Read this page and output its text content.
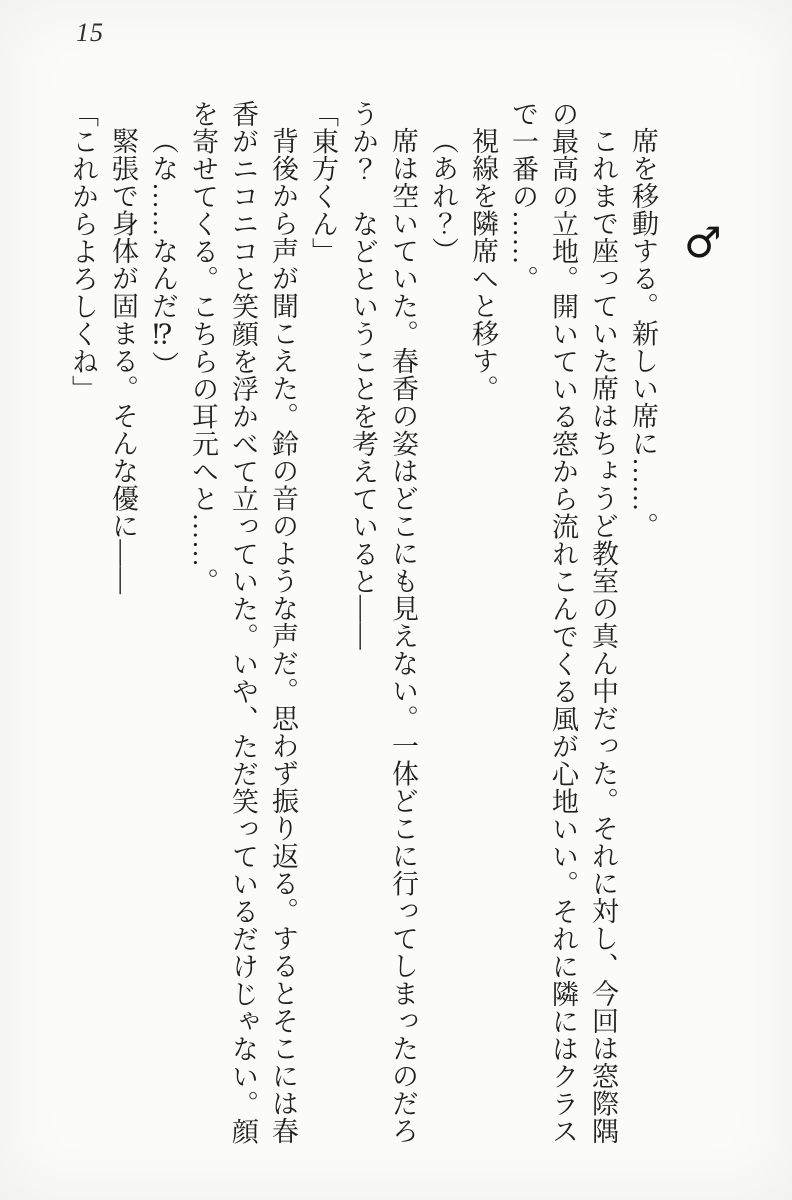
15
♂

席を移動する。新しい席に……。

これまで座っていた席はちょうど教室の真ん中だった。それに対し、今回は窓際隅の最高の立地。開いている窓から流れこんでくる風が心地いい。それに隣にはクラスで一番の……。

視線を隣席へと移す。

（あれ？）

席は空いていた。春香の姿はどこにも見えない。一体どこに行ってしまったのだろうか？　などということを考えていると――

「東方くん」

背後から声が聞こえた。鈴の音のような声だ。思わず振り返る。するとそこには春香がニコニコと笑顔を浮かべて立っていた。いや、ただ笑っているだけじゃない。顔を寄せてくる。こちらの耳元へと……。

（な……なんだ⁉）

緊張で身体が固まる。そんな優に――

「これからよろしくね」
